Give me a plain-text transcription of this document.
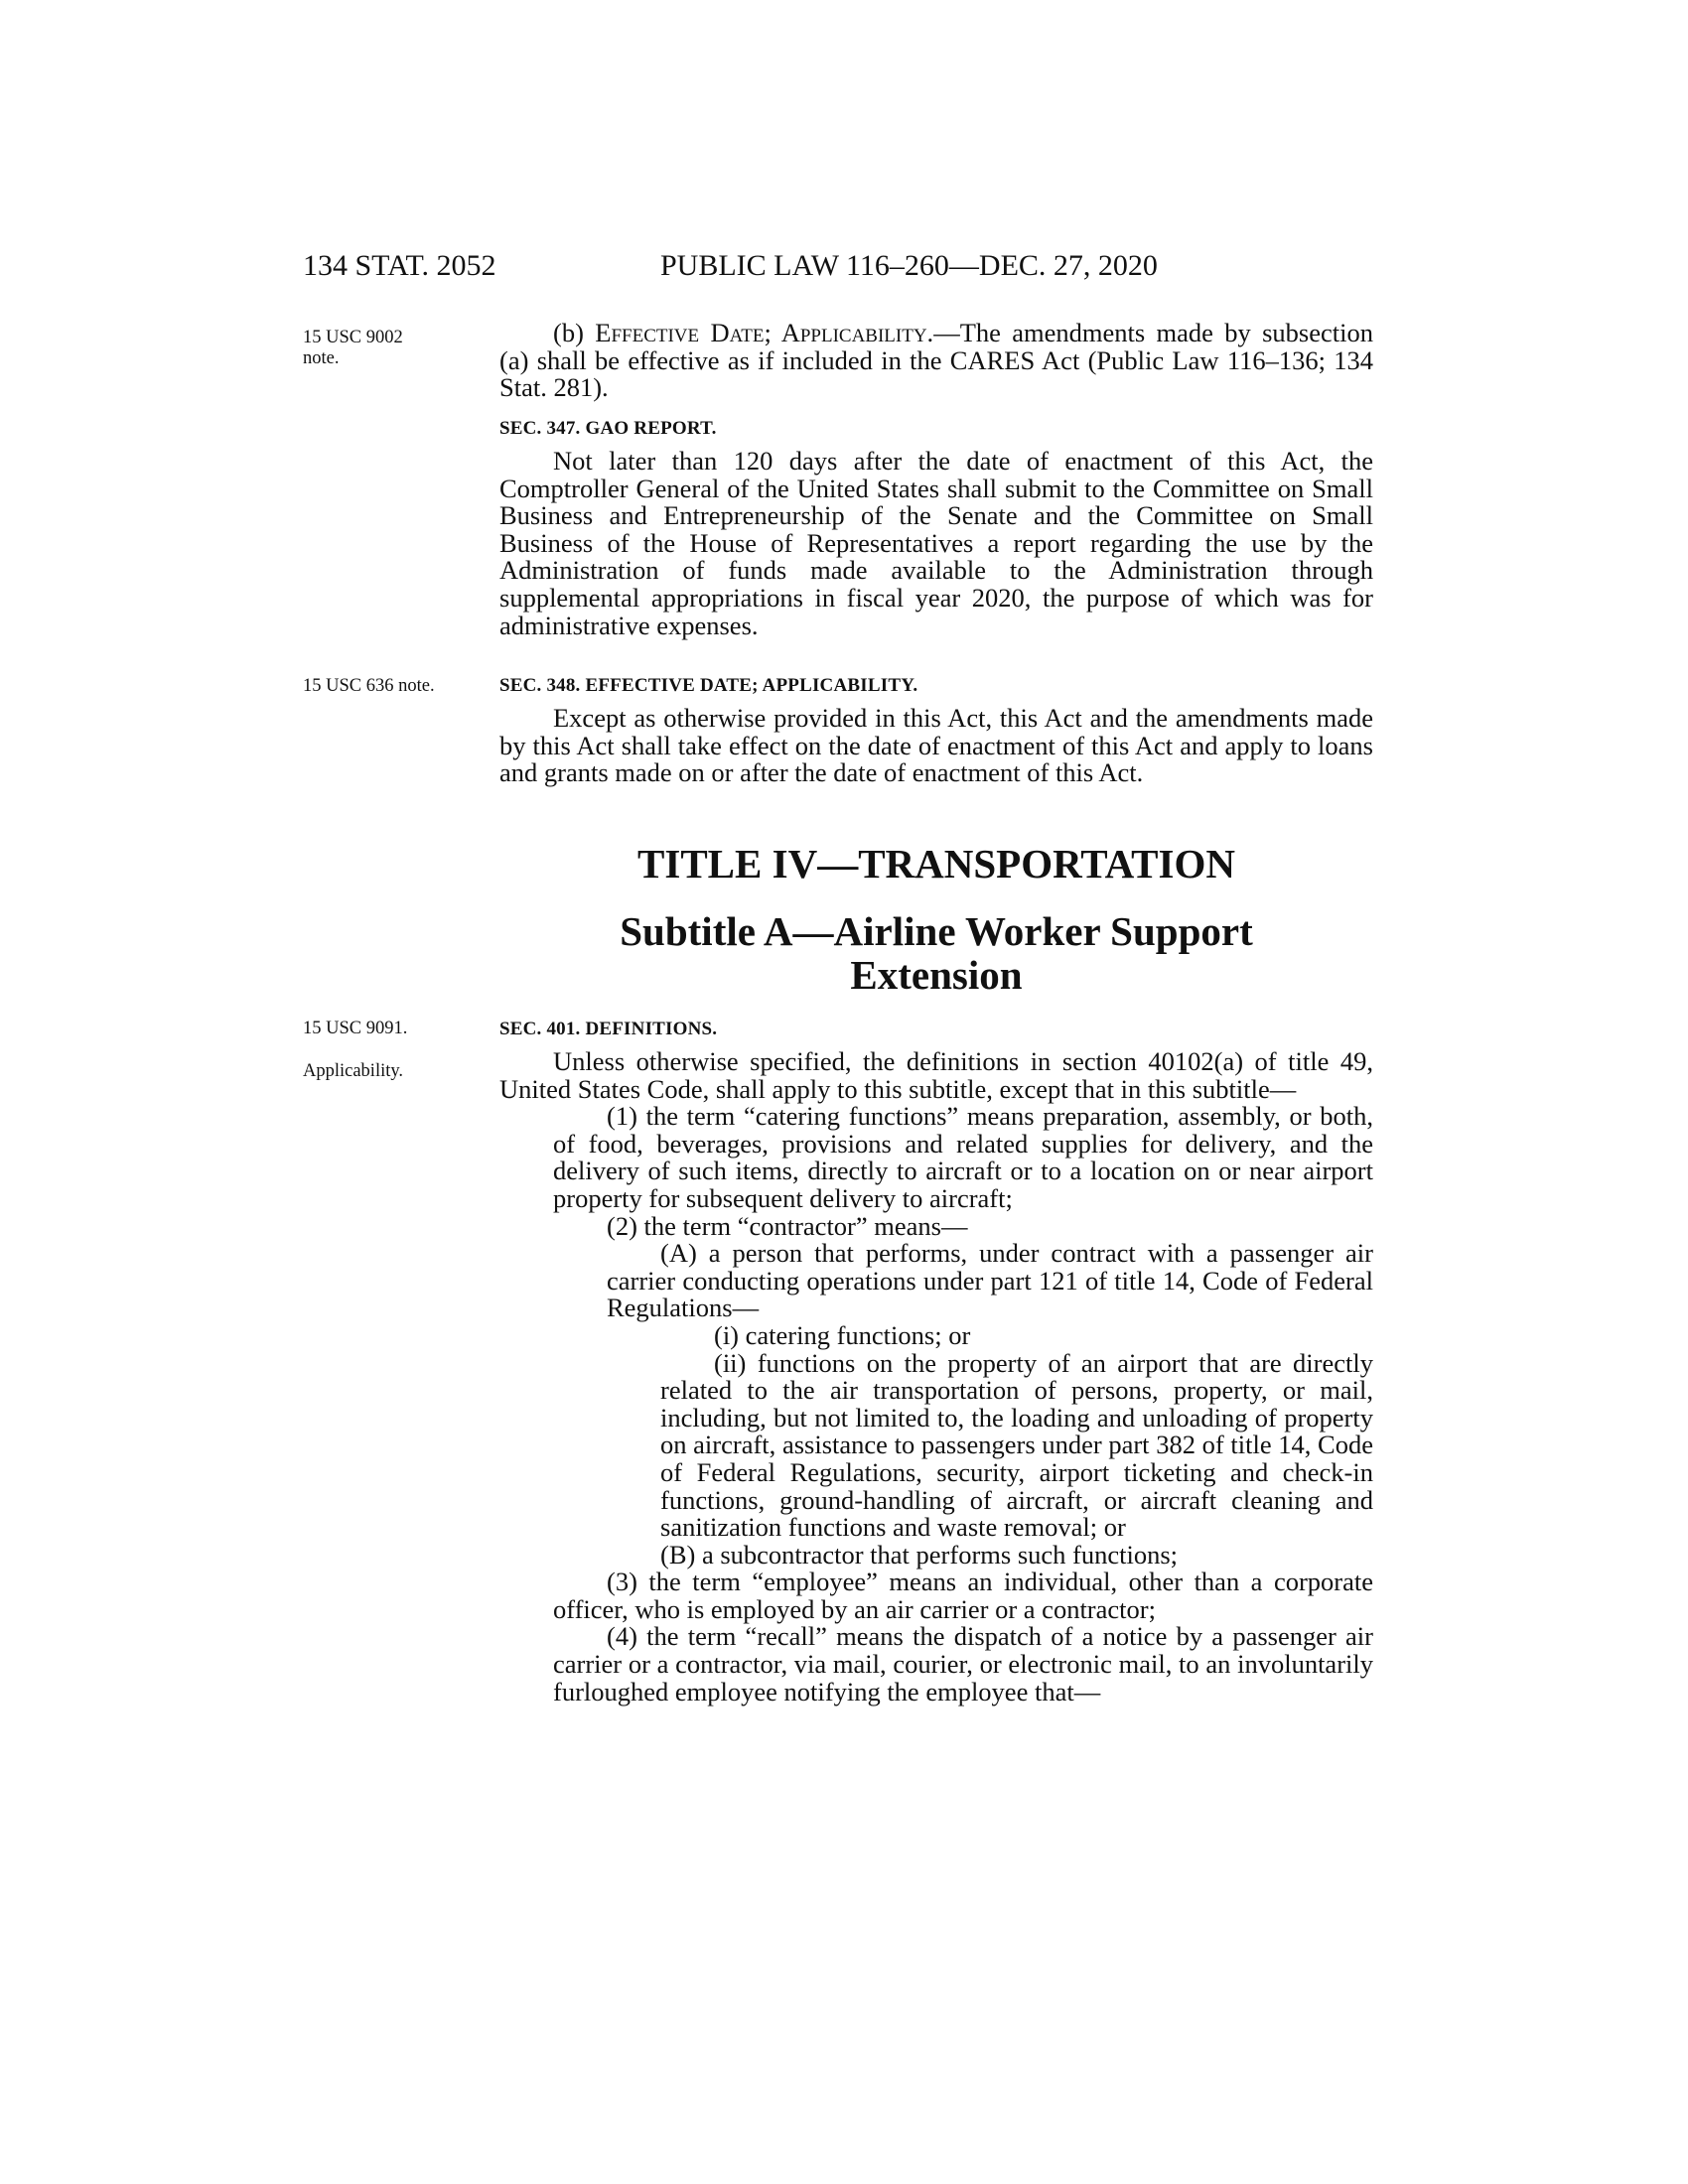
134 STAT. 2052	PUBLIC LAW 116–260—DEC. 27, 2020
15 USC 9002
note.
15 USC 636 note.
15 USC 9091.
Applicability.

(b) Effective Date; Applicability.—The amendments made by subsection (a) shall be effective as if included in the CARES Act (Public Law 116–136; 134 Stat. 281).

SEC. 347. GAO REPORT.

Not later than 120 days after the date of enactment of this Act, the Comptroller General of the United States shall submit to the Committee on Small Business and Entrepreneurship of the Senate and the Committee on Small Business of the House of Representatives a report regarding the use by the Administration of funds made available to the Administration through supplemental appropriations in fiscal year 2020, the purpose of which was for administrative expenses.

SEC. 348. EFFECTIVE DATE; APPLICABILITY.

Except as otherwise provided in this Act, this Act and the amendments made by this Act shall take effect on the date of enactment of this Act and apply to loans and grants made on or after the date of enactment of this Act.

TITLE IV—TRANSPORTATION
Subtitle A—Airline Worker Support
Extension
SEC. 401. DEFINITIONS.

Unless otherwise specified, the definitions in section 40102(a) of title 49, United States Code, shall apply to this subtitle, except that in this subtitle—

(1) the term “catering functions” means preparation, assembly, or both, of food, beverages, provisions and related supplies for delivery, and the delivery of such items, directly to aircraft or to a location on or near airport property for subsequent delivery to aircraft;

(2) the term “contractor” means—

(A) a person that performs, under contract with a passenger air carrier conducting operations under part 121 of title 14, Code of Federal Regulations—

(i) catering functions; or

(ii) functions on the property of an airport that are directly related to the air transportation of persons, property, or mail, including, but not limited to, the loading and unloading of property on aircraft, assistance to passengers under part 382 of title 14, Code of Federal Regulations, security, airport ticketing and check-in functions, ground-handling of aircraft, or aircraft cleaning and sanitization functions and waste removal; or

(B) a subcontractor that performs such functions;

(3) the term “employee” means an individual, other than a corporate officer, who is employed by an air carrier or a contractor;

(4) the term “recall” means the dispatch of a notice by a passenger air carrier or a contractor, via mail, courier, or electronic mail, to an involuntarily furloughed employee notifying the employee that—
